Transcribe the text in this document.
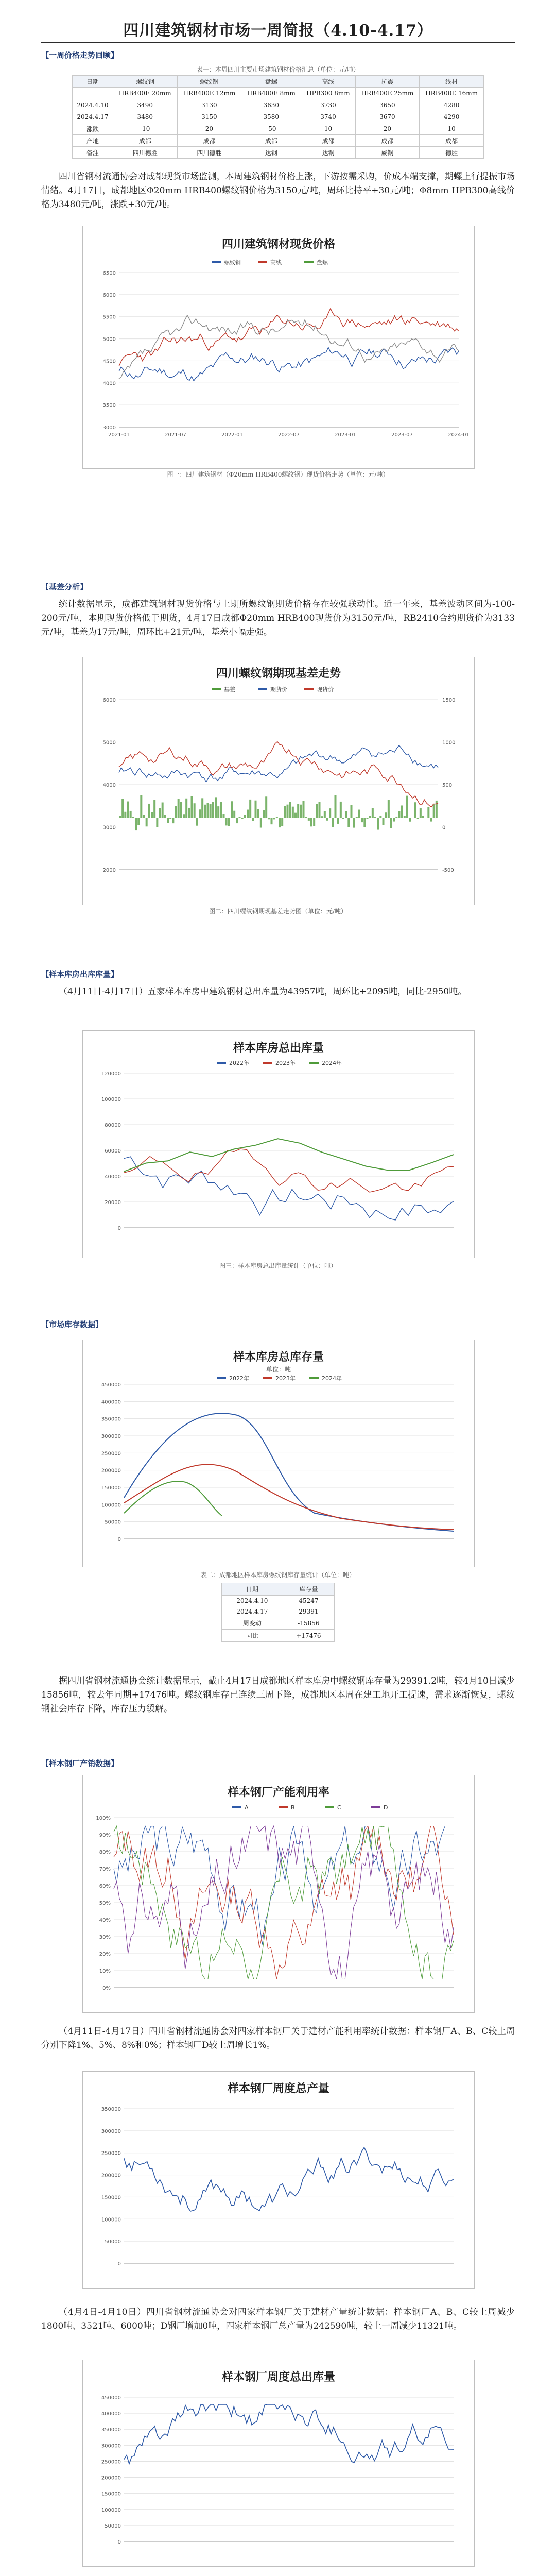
四川建筑钢材市场一周简报（4.10-4.17）
【一周价格走势回顾】
表一：本周四川主要市场建筑钢材价格汇总（单位：元/吨）
日期	螺纹钢	螺纹钢	盘螺	高线	抗震	线材
	HRB400E 20mm	HRB400E 12mm	HRB400E 8mm	HPB300 8mm	HRB400E 25mm	HRB400E 16mm
2024.4.10	3490	3130	3630	3730	3650	4280
2024.4.17	3480	3150	3580	3740	3670	4290
涨跌	-10	20	-50	10	20	10
产地	成都	成都	成都	成都	成都	成都
备注	四川德胜	四川德胜	达钢	达钢	威钢	德胜

四川省钢材流通协会对成都现货市场监测，本周建筑钢材价格上涨，下游按需采购，价成本端支撑，期螺上行提振市场情绪。4月17日，成都地区Φ20mm HRB400螺纹钢价格为3150元/吨，周环比持平+30元/吨；Φ8mm HPB300高线价格为3480元/吨，涨跌+30元/吨。

四川建筑钢材现货价格
螺纹钢	高线	盘螺
6500
6000
5500
5000
4500
4000
3500
3000
2021-01	2021-07	2022-01	2022-07	2023-01	2023-07	2024-01
图一：四川建筑钢材（Φ20mm HRB400螺纹钢）现货价格走势（单位：元/吨）
【基差分析】

统计数据显示，成都建筑钢材现货价格与上期所螺纹钢期货价格存在较强联动性。近一年来，基差波动区间为-100-200元/吨，本期现货价格低于期货，4月17日成都Φ20mm HRB400现货价为3150元/吨，RB2410合约期货价为3133元/吨，基差为17元/吨，周环比+21元/吨，基差小幅走强。

四川螺纹钢期现基差走势
基差	期货价	现货价
6000
5000
4000
3000
2000
1500
1000
500
0
-500
图二：四川螺纹钢期现基差走势图（单位：元/吨）
【样本库房出库库量】

（4月11日-4月17日）五家样本库房中建筑钢材总出库量为43957吨，周环比+2095吨，同比-2950吨。

样本库房总出库量
2022年	2023年	2024年
120000
100000
80000
60000
40000
20000
0
图三：样本库房总出库量统计（单位：吨）
【市场库存数据】
样本库房总库存量
单位：吨
2022年	2023年	2024年
450000
400000
350000
300000
250000
200000
150000
100000
50000
0
表二：成都地区样本库房螺纹钢库存量统计（单位：吨）
日期	库存量
2024.4.10	45247
2024.4.17	29391
周变动	-15856
同比	+17476

据四川省钢材流通协会统计数据显示，截止4月17日成都地区样本库房中螺纹钢库存量为29391.2吨，较4月10日减少15856吨，较去年同期+17476吨。螺纹钢库存已连续三周下降，成都地区本周在建工地开工提速，需求逐渐恢复，螺纹钢社会库存下降，库存压力缓解。

【样本钢厂产销数据】
样本钢厂产能利用率
A	B	C	D
100%
90%
80%
70%
60%
50%
40%
30%
20%
10%
0%

（4月11日-4月17日）四川省钢材流通协会对四家样本钢厂关于建材产能利用率统计数据：样本钢厂A、B、C较上周分别下降1%、5%、8%和0%；样本钢厂D较上周增长1%。

样本钢厂周度总产量
350000
300000
250000
200000
150000
100000
50000
0

（4月4日-4月10日）四川省钢材流通协会对四家样本钢厂关于建材产量统计数据：样本钢厂A、B、C较上周减少1800吨、3521吨、6000吨；D钢厂增加0吨，四家样本钢厂总产量为242590吨，较上一周减少11321吨。

样本钢厂周度总出库量
450000
400000
350000
300000
250000
200000
150000
100000
50000
0
